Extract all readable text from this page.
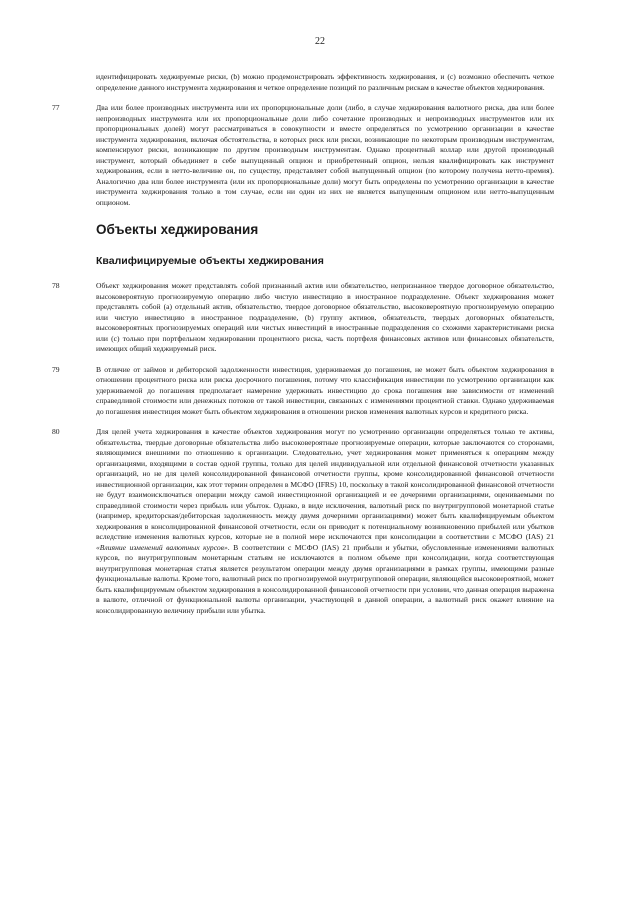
22
идентифицировать хеджируемые риски, (b) можно продемонстрировать эффективность хеджирования, и (с) возможно обеспечить четкое определение данного инструмента хеджирования и четкое определение позиций по различным рискам в качестве объектов хеджирования.
77	Два или более производных инструмента или их пропорциональные доли (либо, в случае хеджирования валютного риска, два или более непроизводных инструмента или их пропорциональные доли либо сочетание производных и непроизводных инструментов или их пропорциональных долей) могут рассматриваться в совокупности и вместе определяться по усмотрению организации в качестве инструмента хеджирования, включая обстоятельства, в которых риск или риски, возникающие по некоторым производным инструментам, компенсируют риски, возникающие по другим производным инструментам. Однако процентный коллар или другой производный инструмент, который объединяет в себе выпущенный опцион и приобретенный опцион, нельзя квалифицировать как инструмент хеджирования, если в нетто-величине он, по существу, представляет собой выпущенный опцион (по которому получена нетто-премия). Аналогично два или более инструмента (или их пропорциональные доли) могут быть определены по усмотрению организации в качестве инструмента хеджирования только в том случае, если ни один из них не является выпущенным опционом или нетто-выпущенным опционом.
Объекты хеджирования
Квалифицируемые объекты хеджирования
78	Объект хеджирования может представлять собой признанный актив или обязательство, непризнанное твердое договорное обязательство, высоковероятную прогнозируемую операцию либо чистую инвестицию в иностранное подразделение. Объект хеджирования может представлять собой (a) отдельный актив, обязательство, твердое договорное обязательство, высоковероятную прогнозируемую операцию или чистую инвестицию в иностранное подразделение, (b) группу активов, обязательств, твердых договорных обязательств, высоковероятных прогнозируемых операций или чистых инвестиций в иностранные подразделения со схожими характеристиками риска или (с) только при портфельном хеджировании процентного риска, часть портфеля финансовых активов или финансовых обязательств, имеющих общий хеджируемый риск.
79	В отличие от займов и дебиторской задолженности инвестиция, удерживаемая до погашения, не может быть объектом хеджирования в отношении процентного риска или риска досрочного погашения, потому что классификация инвестиции по усмотрению организации как удерживаемой до погашения предполагает намерение удерживать инвестицию до срока погашения вне зависимости от изменений справедливой стоимости или денежных потоков от такой инвестиции, связанных с изменениями процентной ставки. Однако удерживаемая до погашения инвестиция может быть объектом хеджирования в отношении рисков изменения валютных курсов и кредитного риска.
80	Для целей учета хеджирования в качестве объектов хеджирования могут по усмотрению организации определяться только те активы, обязательства, твердые договорные обязательства либо высоковероятные прогнозируемые операции, которые заключаются со сторонами, являющимися внешними по отношению к организации. Следовательно, учет хеджирования может применяться к операциям между организациями, входящими в состав одной группы, только для целей индивидуальной или отдельной финансовой отчетности указанных организаций, но не для целей консолидированной финансовой отчетности группы, кроме консолидированной финансовой отчетности инвестиционной организации, как этот термин определен в МСФО (IFRS) 10, поскольку в такой консолидированной финансовой отчетности не будут взаимоисключаться операции между самой инвестиционной организацией и ее дочерними организациями, оцениваемыми по справедливой стоимости через прибыль или убыток. Однако, в виде исключения, валютный риск по внутригрупповой монетарной статье (например, кредиторская/дебиторская задолженность между двумя дочерними организациями) может быть квалифицируемым объектом хеджирования в консолидированной финансовой отчетности, если он приводит к потенциальному возникновению прибылей или убытков вследствие изменения валютных курсов, которые не в полной мере исключаются при консолидации в соответствии с МСФО (IAS) 21 «Влияние изменений валютных курсов». В соответствии с МСФО (IAS) 21 прибыли и убытки, обусловленные изменениями валютных курсов, по внутригрупповым монетарным статьям не исключаются в полном объеме при консолидации, когда соответствующая внутригрупповая монетарная статья является результатом операции между двумя организациями в рамках группы, имеющими разные функциональные валюты. Кроме того, валютный риск по прогнозируемой внутригрупповой операции, являющейся высоковероятной, может быть квалифицируемым объектом хеджирования в консолидированной финансовой отчетности при условии, что данная операция выражена в валюте, отличной от функциональной валюты организации, участвующей в данной операции, а валютный риск окажет влияние на консолидированную величину прибыли или убытка.
